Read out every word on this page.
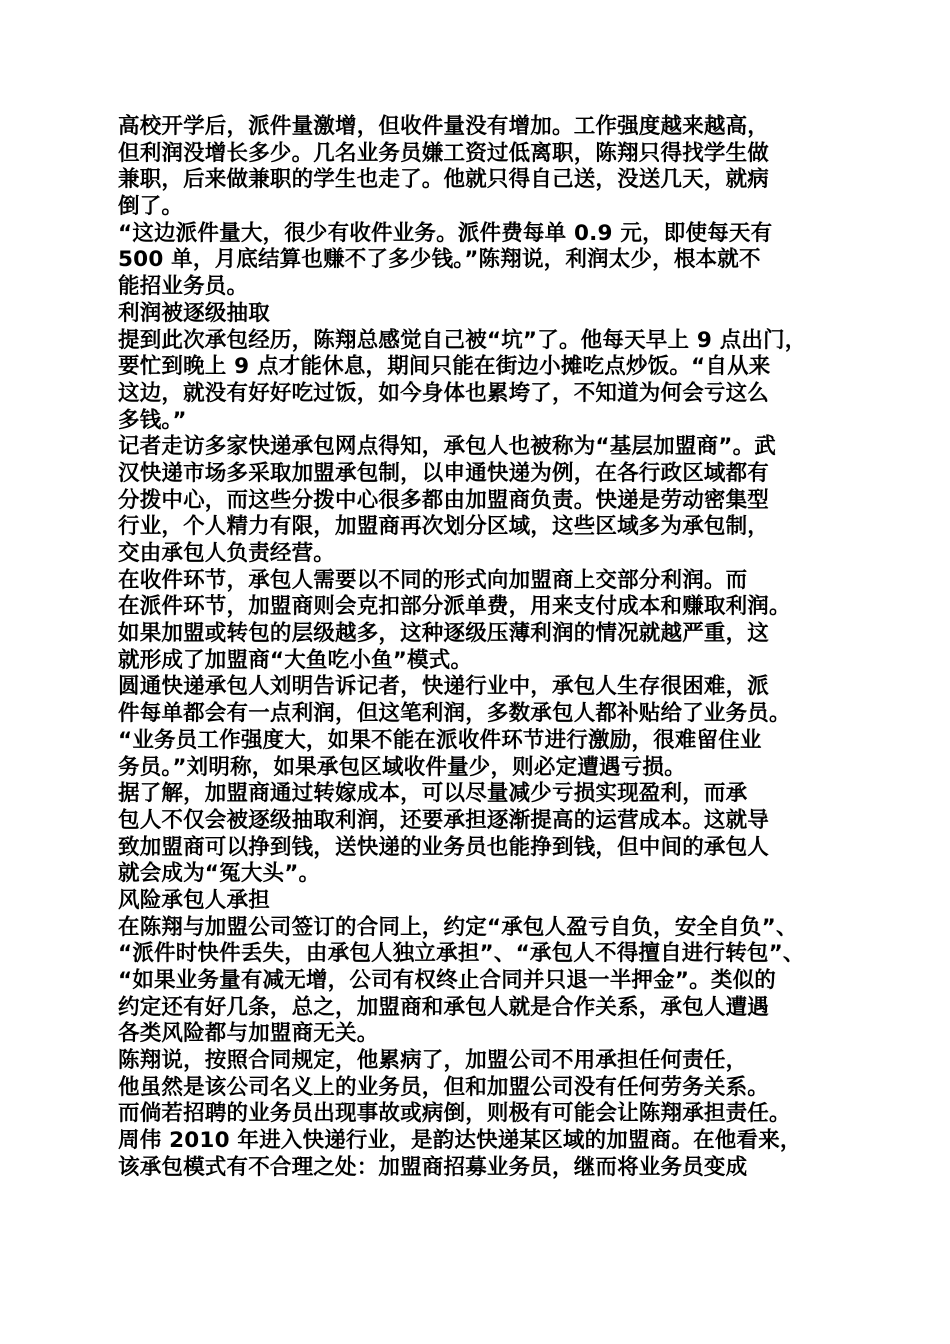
高校开学后，派件量激增，但收件量没有增加。工作强度越来越高，
但利润没增长多少。几名业务员嫌工资过低离职，陈翔只得找学生做
兼职，后来做兼职的学生也走了。他就只得自己送，没送几天，就病
倒了。
“这边派件量大，很少有收件业务。派件费每单 0.9 元，即使每天有
500 单，月底结算也赚不了多少钱。”陈翔说，利润太少，根本就不
能招业务员。
利润被逐级抽取
提到此次承包经历，陈翔总感觉自己被“坑”了。他每天早上 9 点出门，
要忙到晚上 9 点才能休息，期间只能在街边小摊吃点炒饭。“自从来
这边，就没有好好吃过饭，如今身体也累垮了，不知道为何会亏这么
多钱。”
记者走访多家快递承包网点得知，承包人也被称为“基层加盟商”。武
汉快递市场多采取加盟承包制，以申通快递为例，在各行政区域都有
分拨中心，而这些分拨中心很多都由加盟商负责。快递是劳动密集型
行业，个人精力有限，加盟商再次划分区域，这些区域多为承包制，
交由承包人负责经营。
在收件环节，承包人需要以不同的形式向加盟商上交部分利润。而
在派件环节，加盟商则会克扣部分派单费，用来支付成本和赚取利润。
如果加盟或转包的层级越多，这种逐级压薄利润的情况就越严重，这
就形成了加盟商“大鱼吃小鱼”模式。
圆通快递承包人刘明告诉记者，快递行业中，承包人生存很困难，派
件每单都会有一点利润，但这笔利润，多数承包人都补贴给了业务员。
“业务员工作强度大，如果不能在派收件环节进行激励，很难留住业
务员。”刘明称，如果承包区域收件量少，则必定遭遇亏损。
据了解，加盟商通过转嫁成本，可以尽量减少亏损实现盈利，而承
包人不仅会被逐级抽取利润，还要承担逐渐提高的运营成本。这就导
致加盟商可以挣到钱，送快递的业务员也能挣到钱，但中间的承包人
就会成为“冤大头”。
风险承包人承担
在陈翔与加盟公司签订的合同上，约定“承包人盈亏自负，安全自负”、
“派件时快件丢失，由承包人独立承担”、“承包人不得擅自进行转包”、
“如果业务量有减无增，公司有权终止合同并只退一半押金”。类似的
约定还有好几条，总之，加盟商和承包人就是合作关系，承包人遭遇
各类风险都与加盟商无关。
陈翔说，按照合同规定，他累病了，加盟公司不用承担任何责任，
他虽然是该公司名义上的业务员，但和加盟公司没有任何劳务关系。
而倘若招聘的业务员出现事故或病倒，则极有可能会让陈翔承担责任。
周伟 2010 年进入快递行业，是韵达快递某区域的加盟商。在他看来，
该承包模式有不合理之处：加盟商招募业务员，继而将业务员变成
